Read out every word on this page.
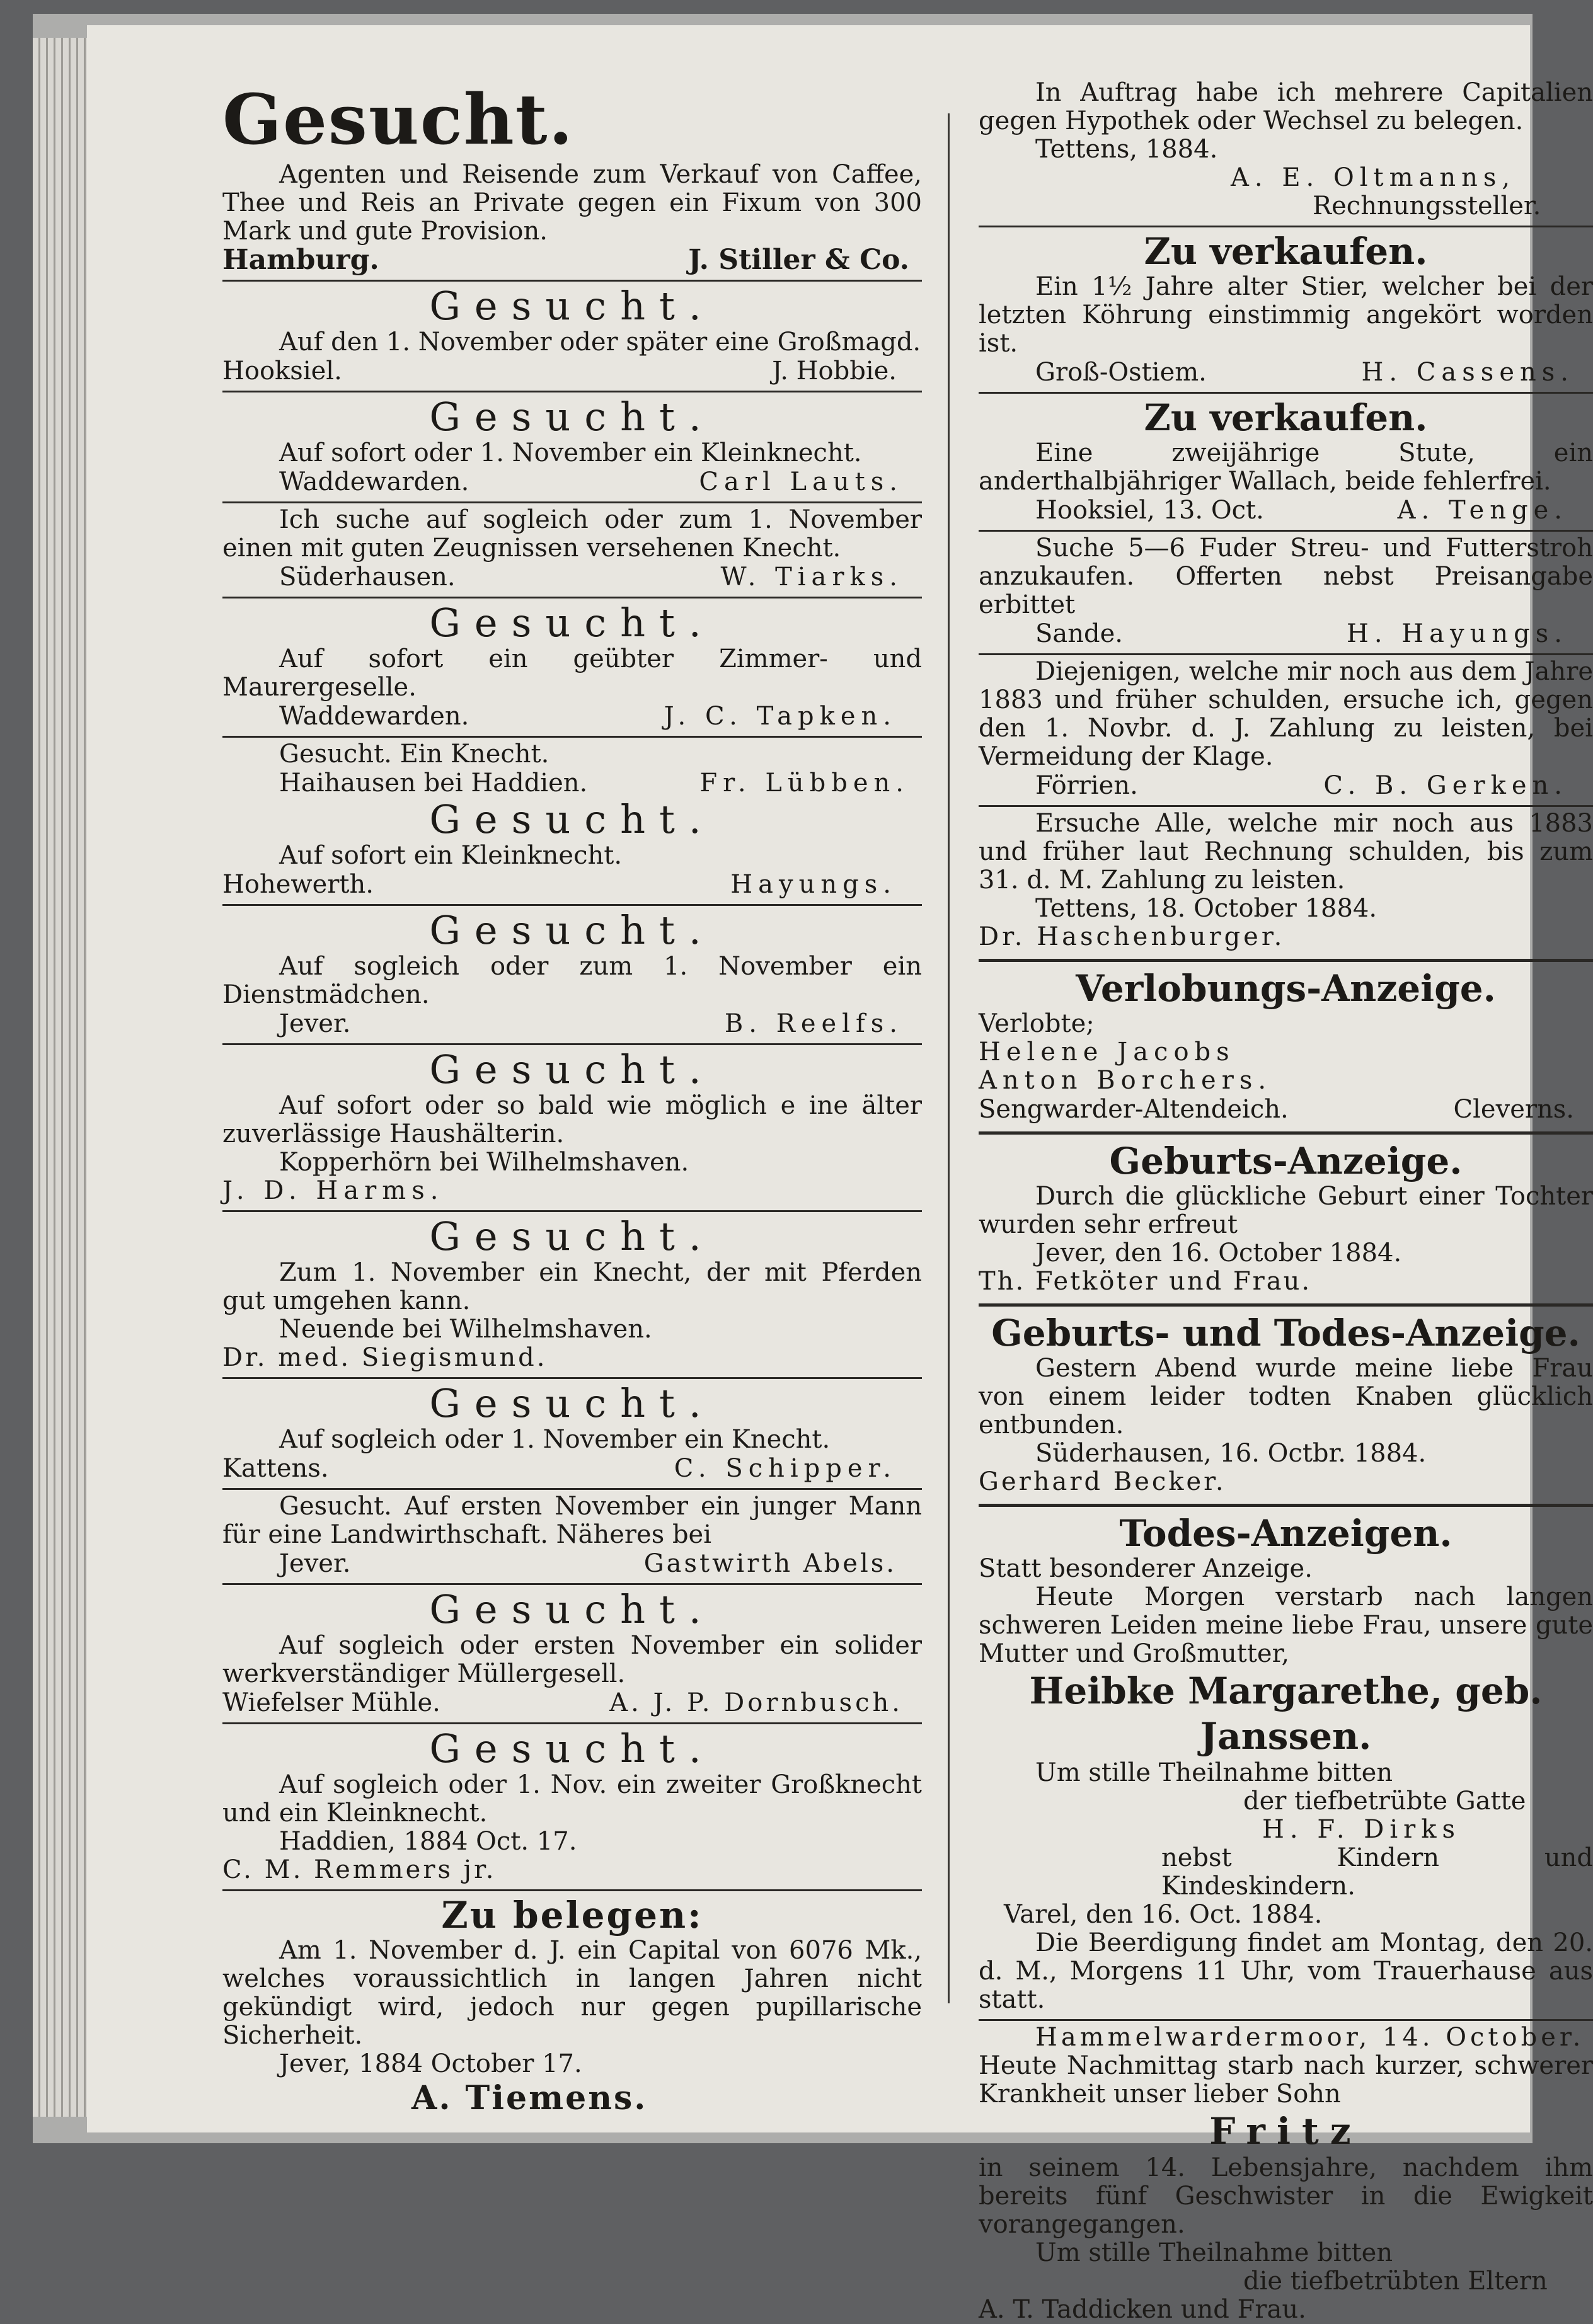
Gesucht.

Agenten und Reisende zum Verkauf von Caffee, Thee und Reis an Private gegen ein Fixum von 300 Mark und gute Provision.

Hamburg.	J. Stiller & Co.
Gesucht.

Auf den 1. November oder später eine Großmagd.

Hooksiel.	J. Hobbie.
Gesucht.

Auf sofort oder 1. November ein Kleinknecht.

Waddewarden.	Carl Lauts.

Ich suche auf sogleich oder zum 1. November einen mit guten Zeugnissen versehenen Knecht.

Süderhausen.	W. Tiarks.
Gesucht.

Auf sofort ein geübter Zimmer- und Maurergeselle.

Waddewarden.	J. C. Tapken.

Gesucht. Ein Knecht.

Haihausen bei Haddien.	Fr. Lübben.
Gesucht.

Auf sofort ein Kleinknecht.

Hohewerth.	Hayungs.
Gesucht.

Auf sogleich oder zum 1. November ein Dienstmädchen.

Jever.	B. Reelfs.
Gesucht.

Auf sofort oder so bald wie möglich e ine älter zuverlässige Haushälterin.

Kopperhörn bei Wilhelmshaven.
J. D. Harms.
Gesucht.

Zum 1. November ein Knecht, der mit Pferden gut umgehen kann.

Neuende bei Wilhelmshaven.
Dr. med. Siegismund.
Gesucht.

Auf sogleich oder 1. November ein Knecht.

Kattens.	C. Schipper.

Gesucht. Auf ersten November ein junger Mann für eine Landwirthschaft. Näheres bei

Jever.	Gastwirth Abels.
Gesucht.

Auf sogleich oder ersten November ein solider werkverständiger Müllergesell.

Wiefelser Mühle.	A. J. P. Dornbusch.
Gesucht.

Auf sogleich oder 1. Nov. ein zweiter Großknecht und ein Kleinknecht.

Haddien, 1884 Oct. 17.
C. M. Remmers jr.
Zu belegen:

Am 1. November d. J. ein Capital von 6076 Mk., welches voraussichtlich in langen Jahren nicht gekündigt wird, jedoch nur gegen pupillarische Sicherheit.

Jever, 1884 October 17.
A. Tiemens.

In Auftrag habe ich mehrere Capitalien gegen Hypothek oder Wechsel zu belegen.

Tettens, 1884.
A. E. Oltmanns,
Rechnungssteller.
Zu verkaufen.

Ein 1½ Jahre alter Stier, welcher bei der letzten Köhrung einstimmig angekört worden ist.

Groß-Ostiem.	H. Cassens.
Zu verkaufen.

Eine zweijährige Stute, ein anderthalbjähriger Wallach, beide fehlerfrei.

Hooksiel, 13. Oct.	A. Tenge.

Suche 5—6 Fuder Streu- und Futterstroh anzukaufen. Offerten nebst Preisangabe erbittet

Sande.	H. Hayungs.

Diejenigen, welche mir noch aus dem Jahre 1883 und früher schulden, ersuche ich, gegen den 1. Novbr. d. J. Zahlung zu leisten, bei Vermeidung der Klage.

Förrien.	C. B. Gerken.

Ersuche Alle, welche mir noch aus 1883 und früher laut Rechnung schulden, bis zum 31. d. M. Zahlung zu leisten.

Tettens, 18. October 1884.
Dr. Haschenburger.
Verlobungs-Anzeige.
Verlobte;
Helene Jacobs
Anton Borchers.
Sengwarder-Altendeich.	Cleverns.
Geburts-Anzeige.

Durch die glückliche Geburt einer Tochter wurden sehr erfreut

Jever, den 16. October 1884.
Th. Fetköter und Frau.
Geburts- und Todes-Anzeige.

Gestern Abend wurde meine liebe Frau von einem leider todten Knaben glücklich entbunden.

Süderhausen, 16. Octbr. 1884.
Gerhard Becker.
Todes-Anzeigen.
Statt besonderer Anzeige.

Heute Morgen verstarb nach langen schweren Leiden meine liebe Frau, unsere gute Mutter und Großmutter,

Heibke Margarethe, geb. Janssen.
Um stille Theilnahme bitten
der tiefbetrübte Gatte
H. F. Dirks
nebst Kindern und Kindeskindern.
Varel, den 16. Oct. 1884.

Die Beerdigung findet am Montag, den 20. d. M., Morgens 11 Uhr, vom Trauerhause aus statt.

Hammelwardermoor, 14. October.

Heute Nachmittag starb nach kurzer, schwerer Krankheit unser lieber Sohn

Fritz

in seinem 14. Lebensjahre, nachdem ihm bereits fünf Geschwister in die Ewigkeit vorangegangen.

Um stille Theilnahme bitten
die tiefbetrübten Eltern
A. T. Taddicken und Frau.
